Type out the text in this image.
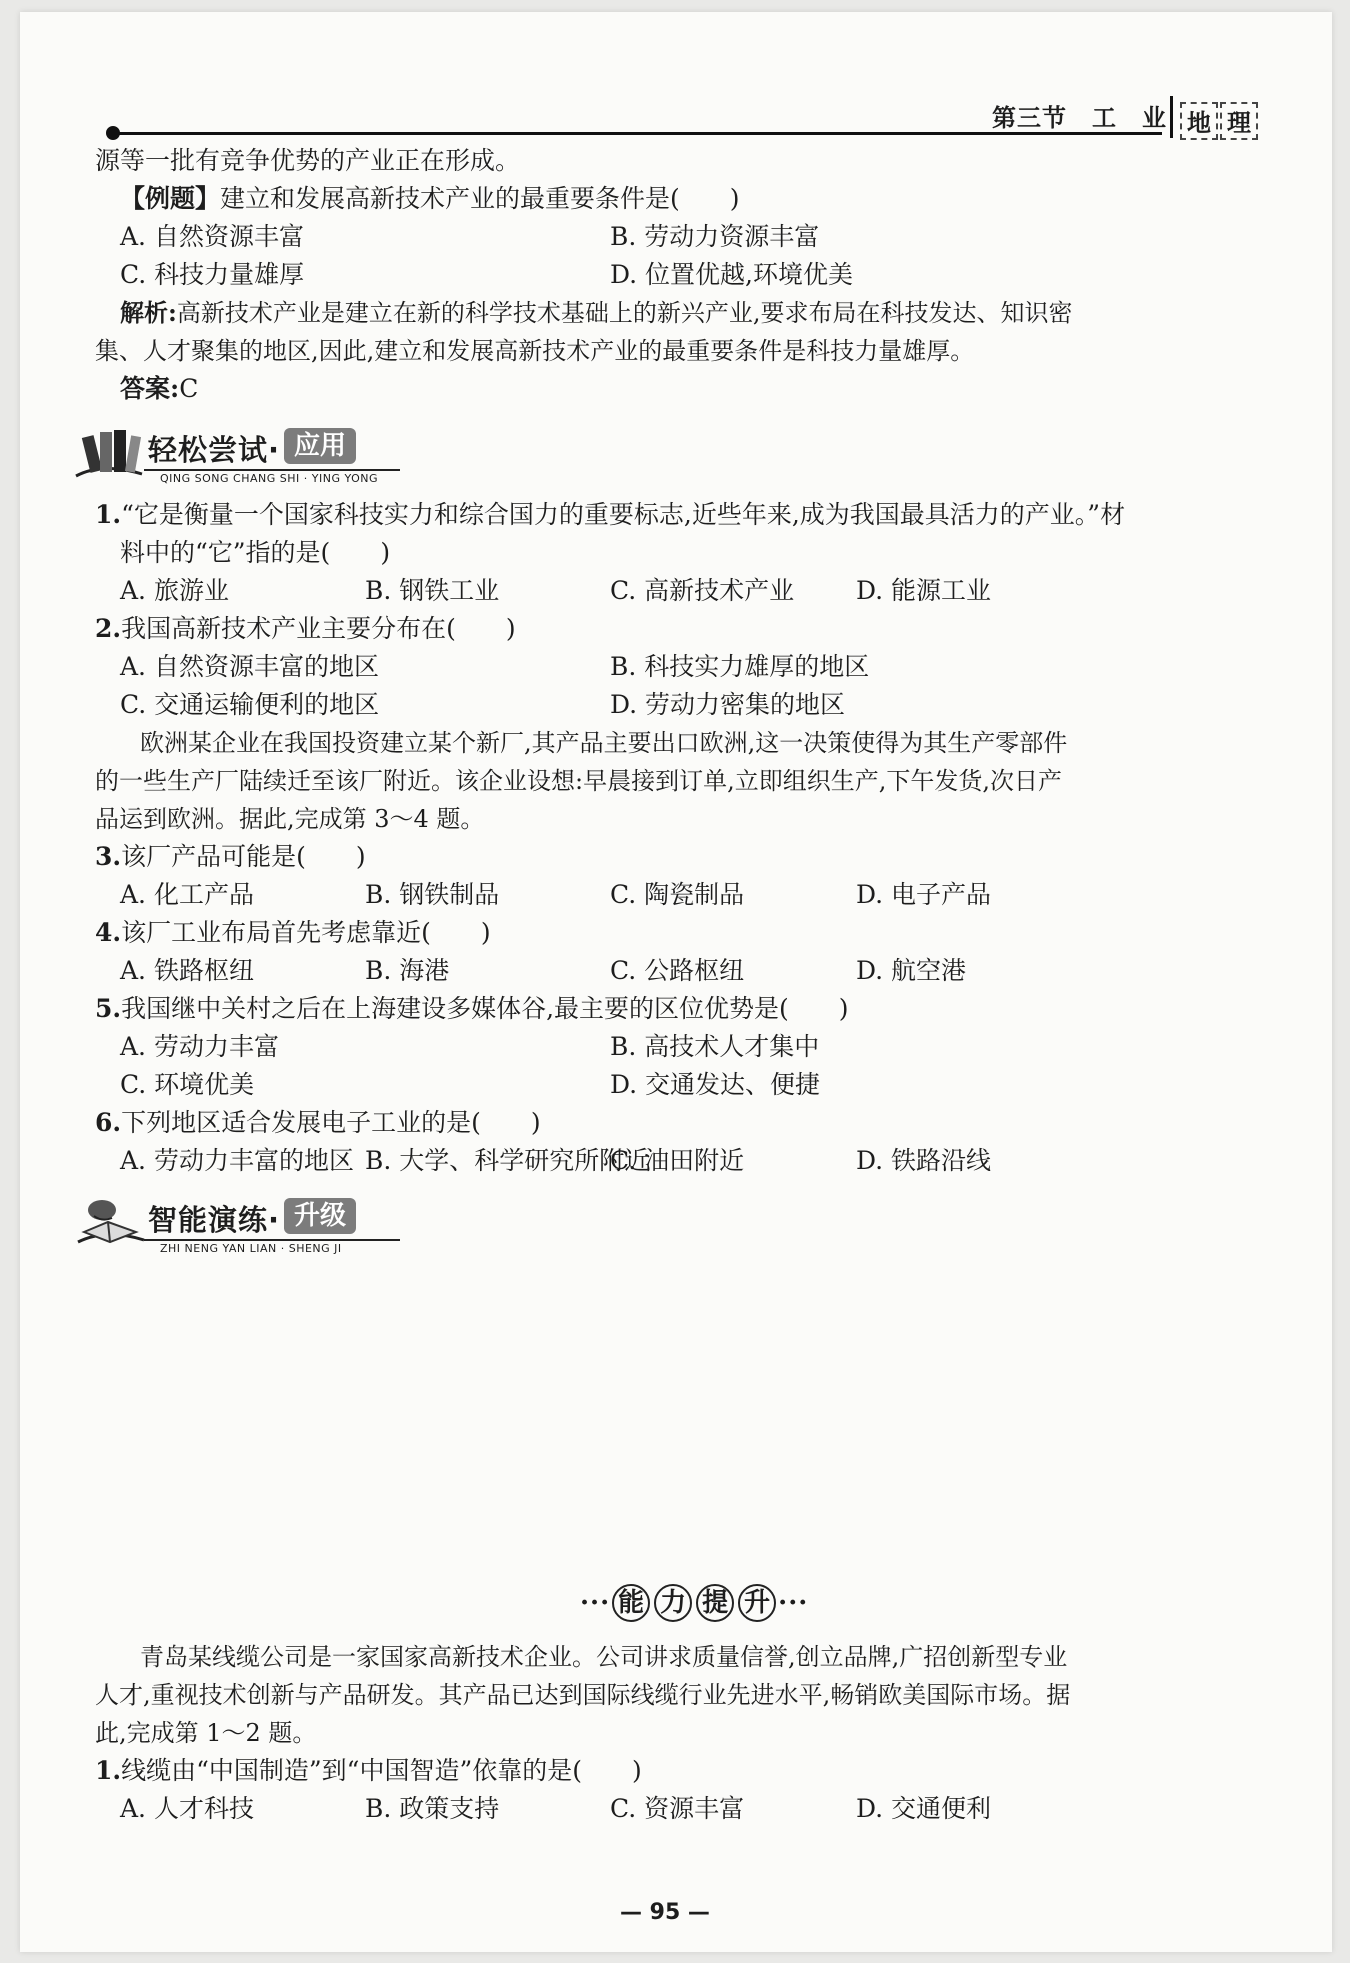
第三节　工　业 地 理
源等一批有竞争优势的产业正在形成。
【例题】建立和发展高新技术产业的最重要条件是(　　)
A. 自然资源丰富	B. 劳动力资源丰富
C. 科技力量雄厚	D. 位置优越,环境优美
解析:高新技术产业是建立在新的科学技术基础上的新兴产业,要求布局在科技发达、知识密
集、人才聚集的地区,因此,建立和发展高新技术产业的最重要条件是科技力量雄厚。
答案:C
轻松尝试· 应用
QING SONG CHANG SHI · YING YONG
1.“它是衡量一个国家科技实力和综合国力的重要标志,近些年来,成为我国最具活力的产业。”材
料中的“它”指的是(　　)
A. 旅游业	B. 钢铁工业	C. 高新技术产业 D. 能源工业
2.我国高新技术产业主要分布在(　　)
A. 自然资源丰富的地区	B. 科技实力雄厚的地区
C. 交通运输便利的地区	D. 劳动力密集的地区
欧洲某企业在我国投资建立某个新厂,其产品主要出口欧洲,这一决策使得为其生产零部件
的一些生产厂陆续迁至该厂附近。该企业设想:早晨接到订单,立即组织生产,下午发货,次日产
品运到欧洲。据此,完成第 3～4 题。
3.该厂产品可能是(　　)
A. 化工产品	B. 钢铁制品	C. 陶瓷制品	D. 电子产品
4.该厂工业布局首先考虑靠近(　　)
A. 铁路枢纽	B. 海港	C. 公路枢纽	D. 航空港
5.我国继中关村之后在上海建设多媒体谷,最主要的区位优势是(　　)
A. 劳动力丰富	B. 高技术人才集中
C. 环境优美	D. 交通发达、便捷
6.下列地区适合发展电子工业的是(　　)
A. 劳动力丰富的地区 B. 大学、科学研究所附近
C. 油田附近	D. 铁路沿线
智能演练· 升级
ZHI NENG YAN LIAN · SHENG JI
··· 能 力 提 升 ···
青岛某线缆公司是一家国家高新技术企业。公司讲求质量信誉,创立品牌,广招创新型专业
人才,重视技术创新与产品研发。其产品已达到国际线缆行业先进水平,畅销欧美国际市场。据
此,完成第 1～2 题。
1.线缆由“中国制造”到“中国智造”依靠的是(　　)
A. 人才科技	B. 政策支持	C. 资源丰富	D. 交通便利
— 95 —
